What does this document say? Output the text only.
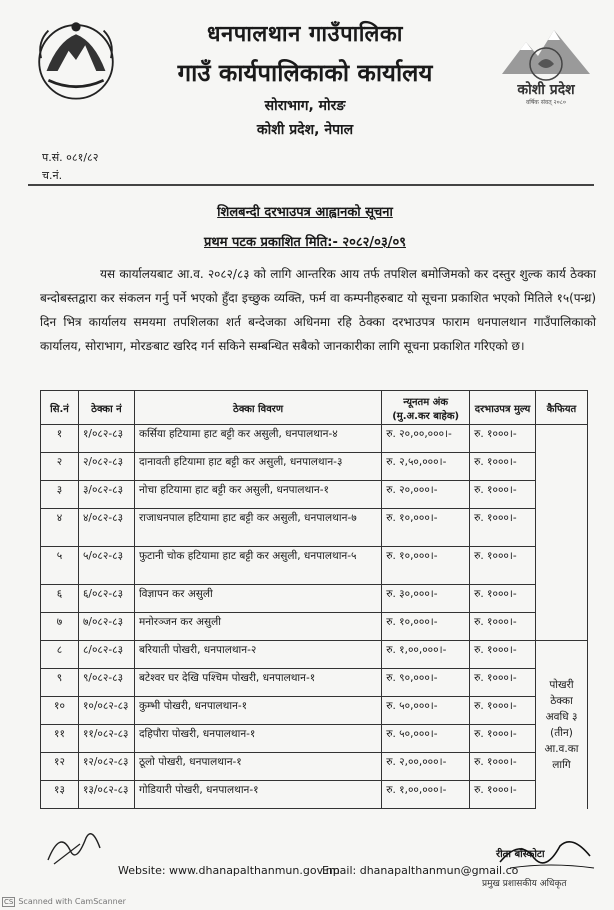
धनपालथान गाउँपालिका
गाउँ कार्यपालिकाको कार्यालय
सोराभाग, मोरङ
कोशी प्रदेश, नेपाल
कोशी प्रदेश
वर्षिक संवत् २०८०
प.सं. ०८१/८२
च.नं.
शिलबन्दी दरभाउपत्र आह्वानको सूचना
प्रथम पटक प्रकाशित मिति:- २०८२/०३/०९

यस कार्यालयबाट आ.व. २०८२/८३ को लागि आन्तरिक आय तर्फ तपशिल बमोजिमको कर दस्तुर शुल्क कार्य ठेक्का बन्दोबस्तद्वारा कर संकलन गर्नु पर्ने भएको हुँदा इच्छुक व्यक्ति, फर्म वा कम्पनीहरुबाट यो सूचना प्रकाशित भएको मितिले १५(पन्ध्र) दिन भित्र कार्यालय समयमा तपशिलका शर्त बन्देजका अधिनमा रहि ठेक्का दरभाउपत्र फाराम धनपालथान गाउँपालिकाको कार्यालय, सोराभाग, मोरङबाट खरिद गर्न सकिने सम्बन्धित सबैको जानकारीका लागि सूचना प्रकाशित गरिएको छ।

सि.नं	ठेक्का नं	ठेक्का विवरण	न्यूनतम अंक (मु.अ.कर बाहेक)	दरभाउपत्र मुल्य	कैफियत
१	१/०८२-८३	कर्सिया हटियामा हाट बट्टी कर असुली, धनपालथान-४	रु. २०,००,०००।-	रु. १०००।-	
२	२/०८२-८३	दानावती हटियामा हाट बट्टी कर असुली, धनपालथान-३	रु. २,५०,०००।-	रु. १०००।-	
३	३/०८२-८३	नोचा हटियामा हाट बट्टी कर असुली, धनपालथान-१	रु. २०,०००।-	रु. १०००।-	
४	४/०८२-८३	राजाधनपाल हटियामा हाट बट्टी कर असुली, धनपालथान-७	रु. १०,०००।-	रु. १०००।-	
५	५/०८२-८३	फुटानी चोक हटियामा हाट बट्टी कर असुली, धनपालथान-५	रु. १०,०००।-	रु. १०००।-	
६	६/०८२-८३	विज्ञापन कर असुली	रु. ३०,०००।-	रु. १०००।-	
७	७/०८२-८३	मनोरञ्जन कर असुली	रु. १०,०००।-	रु. १०००।-	
८	८/०८२-८३	बरियाती पोखरी, धनपालथान-२	रु. १,००,०००।-	रु. १०००।-	पोखरी ठेक्का अवधि ३ (तीन) आ.व.का लागि
९	९/०८२-८३	बटेश्वर घर देखि पश्चिम पोखरी, धनपालथान-१	रु. ९०,०००।-	रु. १०००।-	
१०	१०/०८२-८३	कुम्भी पोखरी, धनपालथान-१	रु. ५०,०००।-	रु. १०००।-	
११	११/०८२-८३	दहिपौरा पोखरी, धनपालथान-१	रु. ५०,०००।-	रु. १०००।-	
१२	१२/०८२-८३	ठूलो पोखरी, धनपालथान-१	रु. २,००,०००।-	रु. १०००।-	
१३	१३/०८२-८३	गोडियारी पोखरी, धनपालथान-१	रु. १,००,०००।-	रु. १०००।-	
Website: www.dhanapalthanmun.gov.np
Email: dhanapalthanmun@gmail.co
प्रमुख प्रशासकीय अधिकृत
रीता बाँस्कोटा
CS Scanned with CamScanner
